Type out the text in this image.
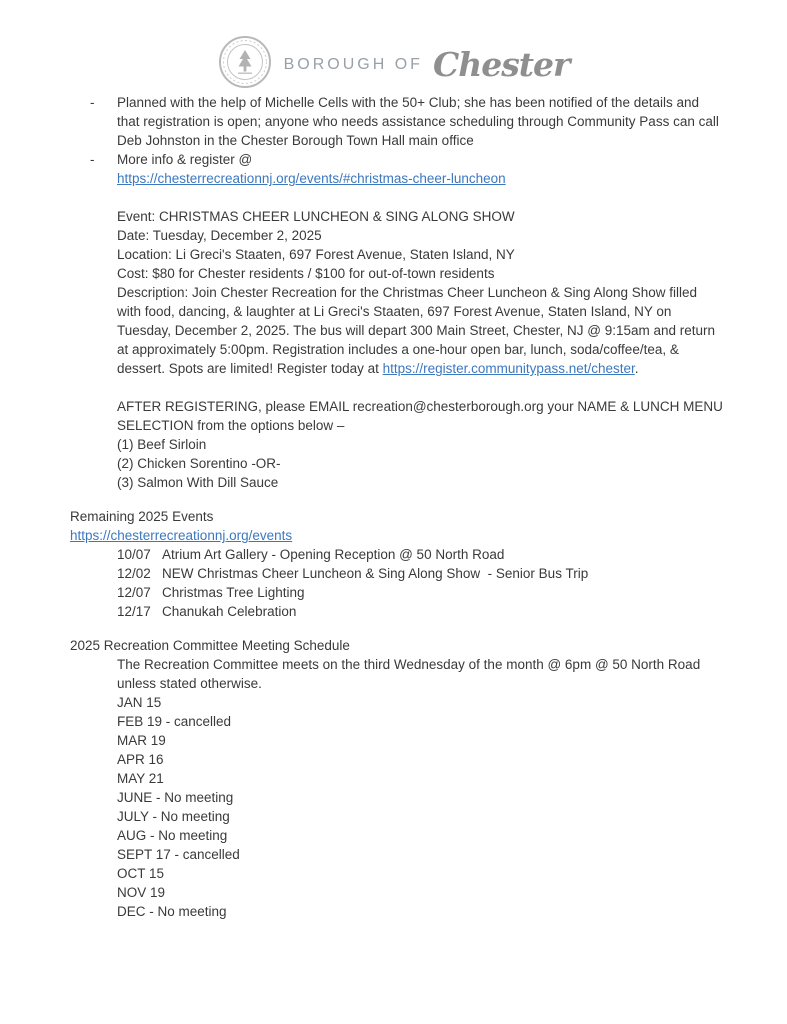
BOROUGH OF Chester
-	Planned with the help of Michelle Cells with the 50+ Club; she has been notified of the details and that registration is open; anyone who needs assistance scheduling through Community Pass can call Deb Johnston in the Chester Borough Town Hall main office
-	More info & register @
https://chesterrecreationnj.org/events/#christmas-cheer-luncheon
Event: CHRISTMAS CHEER LUNCHEON & SING ALONG SHOW
Date: Tuesday, December 2, 2025
Location: Li Greci's Staaten, 697 Forest Avenue, Staten Island, NY
Cost: $80 for Chester residents / $100 for out-of-town residents
Description: Join Chester Recreation for the Christmas Cheer Luncheon & Sing Along Show filled with food, dancing, & laughter at Li Greci's Staaten, 697 Forest Avenue, Staten Island, NY on Tuesday, December 2, 2025. The bus will depart 300 Main Street, Chester, NJ @ 9:15am and return at approximately 5:00pm. Registration includes a one-hour open bar, lunch, soda/coffee/tea, & dessert. Spots are limited! Register today at https://register.communitypass.net/chester.
AFTER REGISTERING, please EMAIL recreation@chesterborough.org your NAME & LUNCH MENU SELECTION from the options below –
(1) Beef Sirloin
(2) Chicken Sorentino -OR-
(3) Salmon With Dill Sauce
Remaining 2025 Events
https://chesterrecreationnj.org/events
10/07 Atrium Art Gallery - Opening Reception @ 50 North Road
12/02 NEW Christmas Cheer Luncheon & Sing Along Show  - Senior Bus Trip
12/07 Christmas Tree Lighting
12/17 Chanukah Celebration
2025 Recreation Committee Meeting Schedule
The Recreation Committee meets on the third Wednesday of the month @ 6pm @ 50 North Road unless stated otherwise.
JAN 15
FEB 19 - cancelled
MAR 19
APR 16
MAY 21
JUNE - No meeting
JULY - No meeting
AUG - No meeting
SEPT 17 - cancelled
OCT 15
NOV 19
DEC - No meeting
